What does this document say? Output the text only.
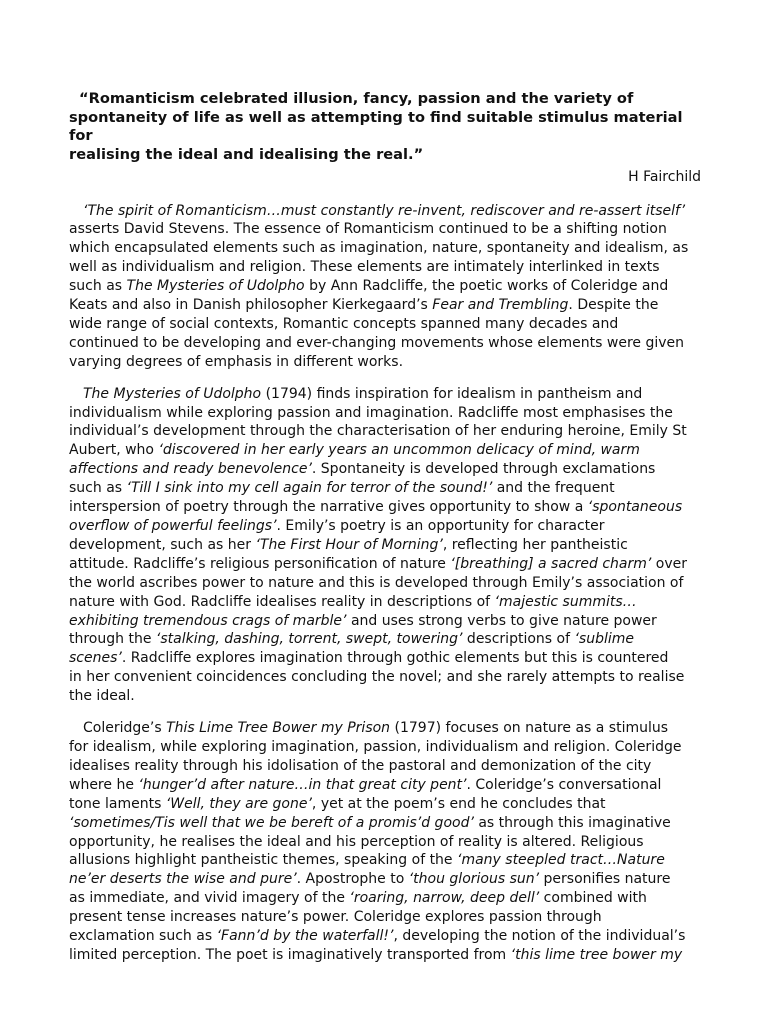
“Romanticism celebrated illusion, fancy, passion and the variety of
spontaneity of life as well as attempting to find suitable stimulus material for
realising the ideal and idealising the real.”
H Fairchild
‘The spirit of Romanticism…must constantly re-invent, rediscover and re-assert itself’
asserts David Stevens. The essence of Romanticism continued to be a shifting notion
which encapsulated elements such as imagination, nature, spontaneity and idealism, as
well as individualism and religion. These elements are intimately interlinked in texts
such as The Mysteries of Udolpho by Ann Radcliffe, the poetic works of Coleridge and
Keats and also in Danish philosopher Kierkegaard’s Fear and Trembling. Despite the
wide range of social contexts, Romantic concepts spanned many decades and
continued to be developing and ever-changing movements whose elements were given
varying degrees of emphasis in different works.
The Mysteries of Udolpho (1794) finds inspiration for idealism in pantheism and
individualism while exploring passion and imagination. Radcliffe most emphasises the
individual’s development through the characterisation of her enduring heroine, Emily St
Aubert, who ‘discovered in her early years an uncommon delicacy of mind, warm
affections and ready benevolence’. Spontaneity is developed through exclamations
such as ‘Till I sink into my cell again for terror of the sound!’ and the frequent
interspersion of poetry through the narrative gives opportunity to show a ‘spontaneous
overflow of powerful feelings’. Emily’s poetry is an opportunity for character
development, such as her ‘The First Hour of Morning’, reflecting her pantheistic
attitude. Radcliffe’s religious personification of nature ‘[breathing] a sacred charm’ over
the world ascribes power to nature and this is developed through Emily’s association of
nature with God. Radcliffe idealises reality in descriptions of ‘majestic summits…
exhibiting tremendous crags of marble’ and uses strong verbs to give nature power
through the ‘stalking, dashing, torrent, swept, towering’ descriptions of ‘sublime
scenes’. Radcliffe explores imagination through gothic elements but this is countered
in her convenient coincidences concluding the novel; and she rarely attempts to realise
the ideal.
Coleridge’s This Lime Tree Bower my Prison (1797) focuses on nature as a stimulus
for idealism, while exploring imagination, passion, individualism and religion. Coleridge
idealises reality through his idolisation of the pastoral and demonization of the city
where he ‘hunger’d after nature…in that great city pent’. Coleridge’s conversational
tone laments ‘Well, they are gone’, yet at the poem’s end he concludes that
‘sometimes/Tis well that we be bereft of a promis’d good’ as through this imaginative
opportunity, he realises the ideal and his perception of reality is altered. Religious
allusions highlight pantheistic themes, speaking of the ‘many steepled tract…Nature
ne’er deserts the wise and pure’. Apostrophe to ‘thou glorious sun’ personifies nature
as immediate, and vivid imagery of the ‘roaring, narrow, deep dell’ combined with
present tense increases nature’s power. Coleridge explores passion through
exclamation such as ‘Fann’d by the waterfall!’, developing the notion of the individual’s
limited perception. The poet is imaginatively transported from ‘this lime tree bower my
